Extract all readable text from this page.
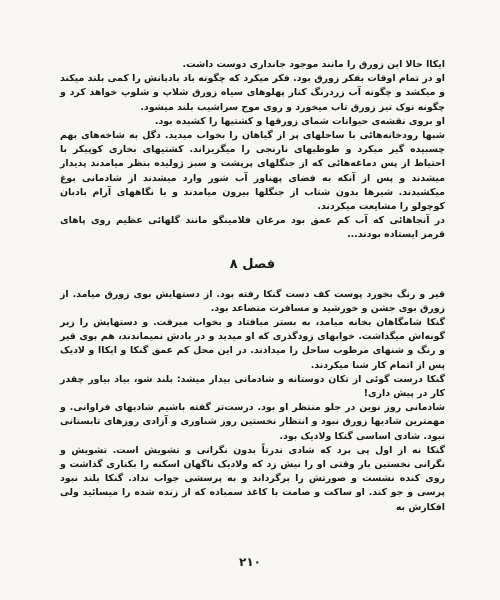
ایکاا حالا این زورق را مانند موجود جانداری دوست داشت.

او در تمام اوقات بفکر زورق بود. فکر میکرد که چگونه باد بادبانش را کمی بلند میکند و میکشد و چگونه آب زردرنگ کنار پهلوهای سیاه زورق شلاپ و شلوپ خواهد کرد و چگونه نوک تیز زورق تاب میخورد و روی موج سراشیب بلند میشود.

او بروی نقشه‌ی حیوانات شمای زورقها و کشتیها را کشیده بود.

شبها رودخانه‌هائی با ساحلهای پر از گیاهان را بخواب میدید. دگل به شاخه‌های بهم چسبیده گیر میکرد و طوطیهای نارنجی را میگریزاند. کشتیهای بخاری کوپیکر با احتیاط از پس دماغه‌هائی که از جنگلهای پرپشت و سبز ژولیده بنظر میامدند پدیدار میشدند و پس از آنکه به فضای پهناور آب شور وارد میشدند از شادمانی بوغ میکشیدند. شیرها بدون شتاب از جنگلها بیرون میامدند و با نگاههای آرام بادبان کوچولو را مشایعت میکردند.

در آنجاهائی که آب کم عمق بود مرغان فلامینگو مانند گلهائی عظیم روی پاهای قرمز ایستاده بودند...

فصل ۸

قیر و رنگ بخورد پوست کف دست گنکا رفته بود. از دستهایش بوی زورق میامد. از زورق بوی جشن و خورشید و مسافرت متصاعد بود.

گنکا شامگاهان بخانه میامد، به بستر میافتاد و بخواب میرفت. و دستهایش را زیر گونه‌اش میگذاشت. خوابهای زودگذری که او میدید و در یادش نمیماندند، هم بوی قیر و رنگ و شنهای مرطوب ساحل را میدادند. در این محل کم عمق گنکا و ایکاا و لادیک پس از اتمام کار شنا میکردند.

گنکا درست گوئی از تکان دوستانه و شادمانی بیدار میشد: بلند شو، بیاد بیاور چقدر کار در پیش داری!

شادمانی روز نوین در جلو منتظر او بود. درست‌تر گفته باشیم شادیهای فراوانی. و مهمترین شادیها زورق نبود و انتظار نخستین روز شناوری و آزادی روزهای تابستانی نبود. شادی اساسی گنکا ولادیک بود.

گنکا نه از اول پی برد که شادی ندرتاً بدون نگرانی و تشویش است. تشویش و نگرانی نخستین بار وقتی او را نیش زد که ولادیک ناگهان اسکنه را بکناری گذاشت و روی کنده نشست و صورتش را برگرداند و به پرسشی جواب نداد. گنکا بلند نبود پرسی و جو کند. او ساکت و صامت با کاغذ سمباده که از زنده شده را میسائید ولی افکارش به

۲۱۰
